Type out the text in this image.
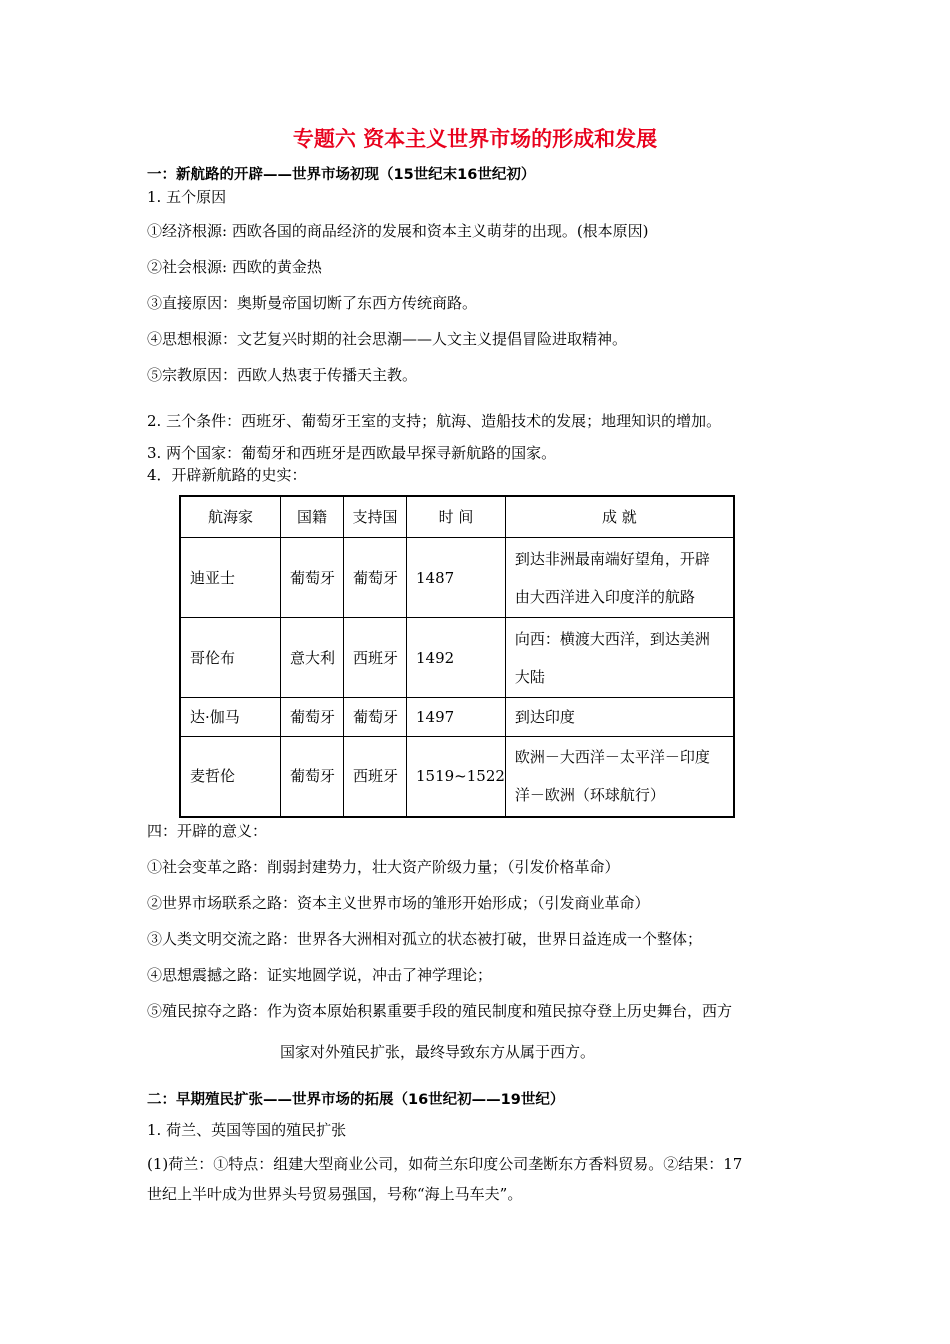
专题六 资本主义世界市场的形成和发展
一：新航路的开辟——世界市场初现（15世纪末16世纪初）
1. 五个原因
①经济根源: 西欧各国的商品经济的发展和资本主义萌芽的出现。(根本原因)
②社会根源: 西欧的黄金热
③直接原因：奥斯曼帝国切断了东西方传统商路。
④思想根源：文艺复兴时期的社会思潮——人文主义提倡冒险进取精神。
⑤宗教原因：西欧人热衷于传播天主教。
2. 三个条件：西班牙、葡萄牙王室的支持；航海、造船技术的发展；地理知识的增加。
3. 两个国家：葡萄牙和西班牙是西欧最早探寻新航路的国家。
4．开辟新航路的史实：
航海家	国籍	支持国	时 间	成 就
迪亚士	葡萄牙	葡萄牙	1487	到达非洲最南端好望角，开辟
由大西洋进入印度洋的航路

哥伦布	意大利	西班牙	1492	向西：横渡大西洋，到达美洲
大陆

达·伽马	葡萄牙	葡萄牙	1497	到达印度

麦哲伦	葡萄牙	西班牙	1519~1522	欧洲－大西洋－太平洋－印度
洋－欧洲（环球航行）
四：开辟的意义：
①社会变革之路：削弱封建势力，壮大资产阶级力量；（引发价格革命）
②世界市场联系之路：资本主义世界市场的雏形开始形成；（引发商业革命）
③人类文明交流之路：世界各大洲相对孤立的状态被打破，世界日益连成一个整体；
④思想震撼之路：证实地圆学说，冲击了神学理论；
⑤殖民掠夺之路：作为资本原始积累重要手段的殖民制度和殖民掠夺登上历史舞台，西方
国家对外殖民扩张，最终导致东方从属于西方。
二：早期殖民扩张——世界市场的拓展（16世纪初——19世纪）
1. 荷兰、英国等国的殖民扩张
(1)荷兰：①特点：组建大型商业公司，如荷兰东印度公司垄断东方香料贸易。②结果：17
世纪上半叶成为世界头号贸易强国，号称“海上马车夫”。
